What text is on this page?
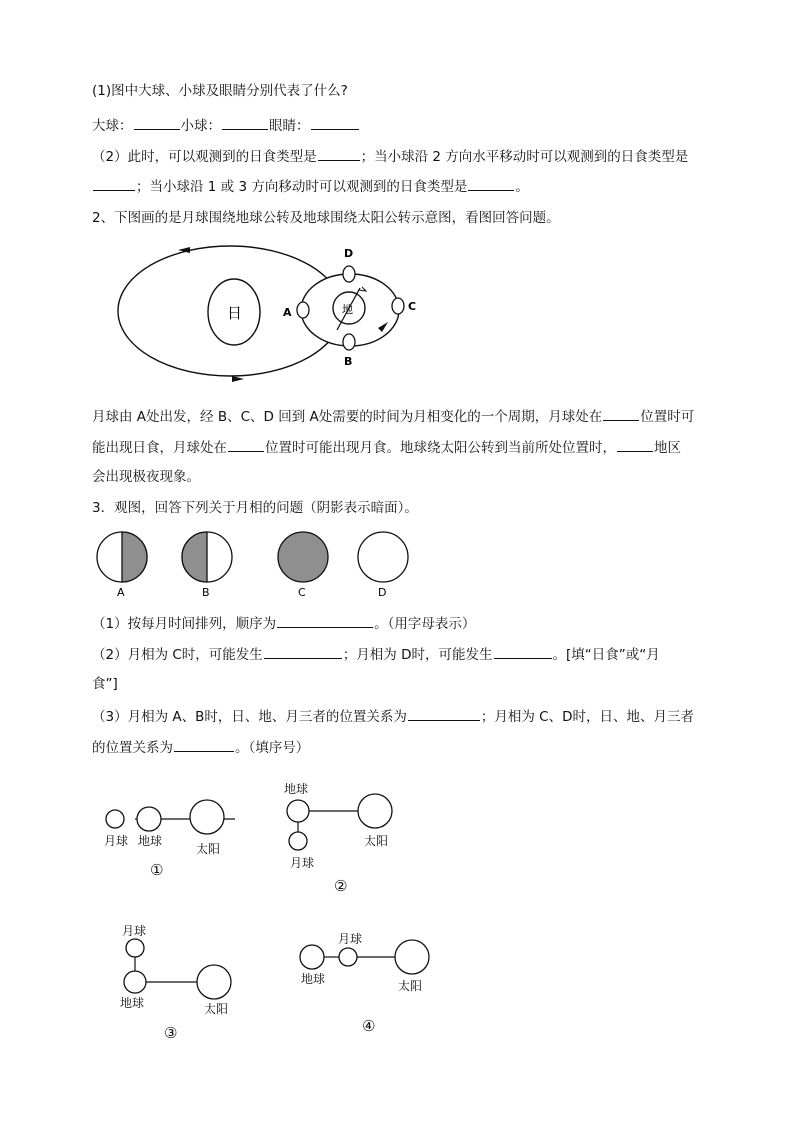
(1)图中大球、小球及眼睛分别代表了什么?
大球：	小球：	眼睛：
（2）此时，可以观测到的日食类型是	；当小球沿 2 方向水平移动时可以观测到的日食类型是
；当小球沿 1 或 3 方向移动时可以观测到的日食类型是	。
2、下图画的是月球围绕地球公转及地球围绕太阳公转示意图，看图回答问题。
日	地
A
D
C
B
月球由 A处出发，经 B、C、D 回到 A处需要的时间为月相变化的一个周期，月球处在	位置时可
能出现日食，月球处在	位置时可能出现月食。地球绕太阳公转到当前所处位置时，	地区
会出现极夜现象。
3．观图，回答下列关于月相的问题（阴影表示暗面）。
A	B	C	D
（1）按每月时间排列，顺序为	。（用字母表示）
（2）月相为 C时，可能发生	；月相为 D时，可能发生	。[填“日食”或“月
食”]
（3）月相为 A、B时，日、地、月三者的位置关系为	；月相为 C、D时，日、地、月三者
的位置关系为	。（填序号）
月球 地球
太阳
①
地球
月球
太阳
②
月球
地球	太阳
③
月球
地球	太阳
④
